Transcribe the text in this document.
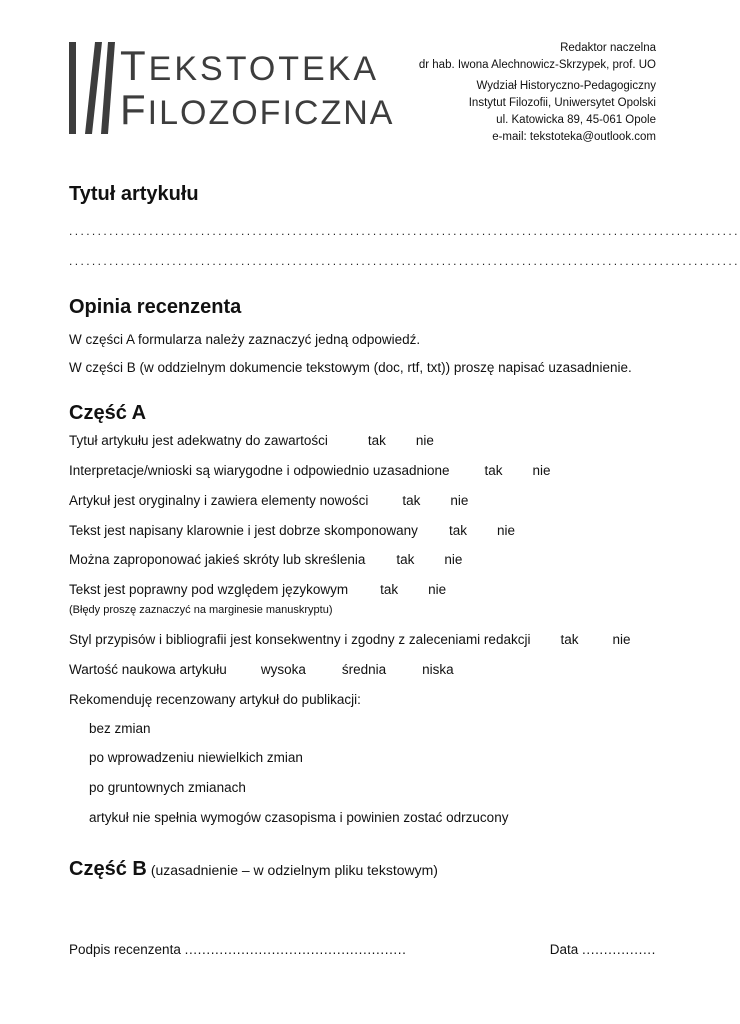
TEKSTOTEKA
FILOZOFICZNA
Redaktor naczelna
dr hab. Iwona Alechnowicz-Skrzypek, prof. UO
Wydział Historyczno-Pedagogiczny
Instytut Filozofii, Uniwersytet Opolski
ul. Katowicka 89, 45-061 Opole
e-mail: tekstoteka@outlook.com
Tytuł artykułu
.....................................................................................................................
.....................................................................................................................
Opinia recenzenta
W części A formularza należy zaznaczyć jedną odpowiedź.
W części B (w oddzielnym dokumencie tekstowym (doc, rtf, txt)) proszę napisać uzasadnienie.
Część A
Tytuł artykułu jest adekwatny do zawartości	tak nie
Interpretacje/wnioski są wiarygodne i odpowiednio uzasadnione	tak nie
Artykuł jest oryginalny i zawiera elementy nowości	tak nie
Tekst jest napisany klarownie i jest dobrze skomponowany tak nie
Można zaproponować jakieś skróty lub skreślenia tak nie
Tekst jest poprawny pod względem językowym tak nie
(Błędy proszę zaznaczyć na marginesie manuskryptu)
Styl przypisów i bibliografii jest konsekwentny i zgodny z zaleceniami redakcji tak	nie
Wartość naukowa artykułu	wysoka	średnia	niska
Rekomenduję recenzowany artykuł do publikacji:
bez zmian
po wprowadzeniu niewielkich zmian
po gruntownych zmianach
artykuł nie spełnia wymogów czasopisma i powinien zostać odrzucony
Część B (uzasadnienie – w odzielnym pliku tekstowym)
Podpis recenzenta ...................................................	Data .................
